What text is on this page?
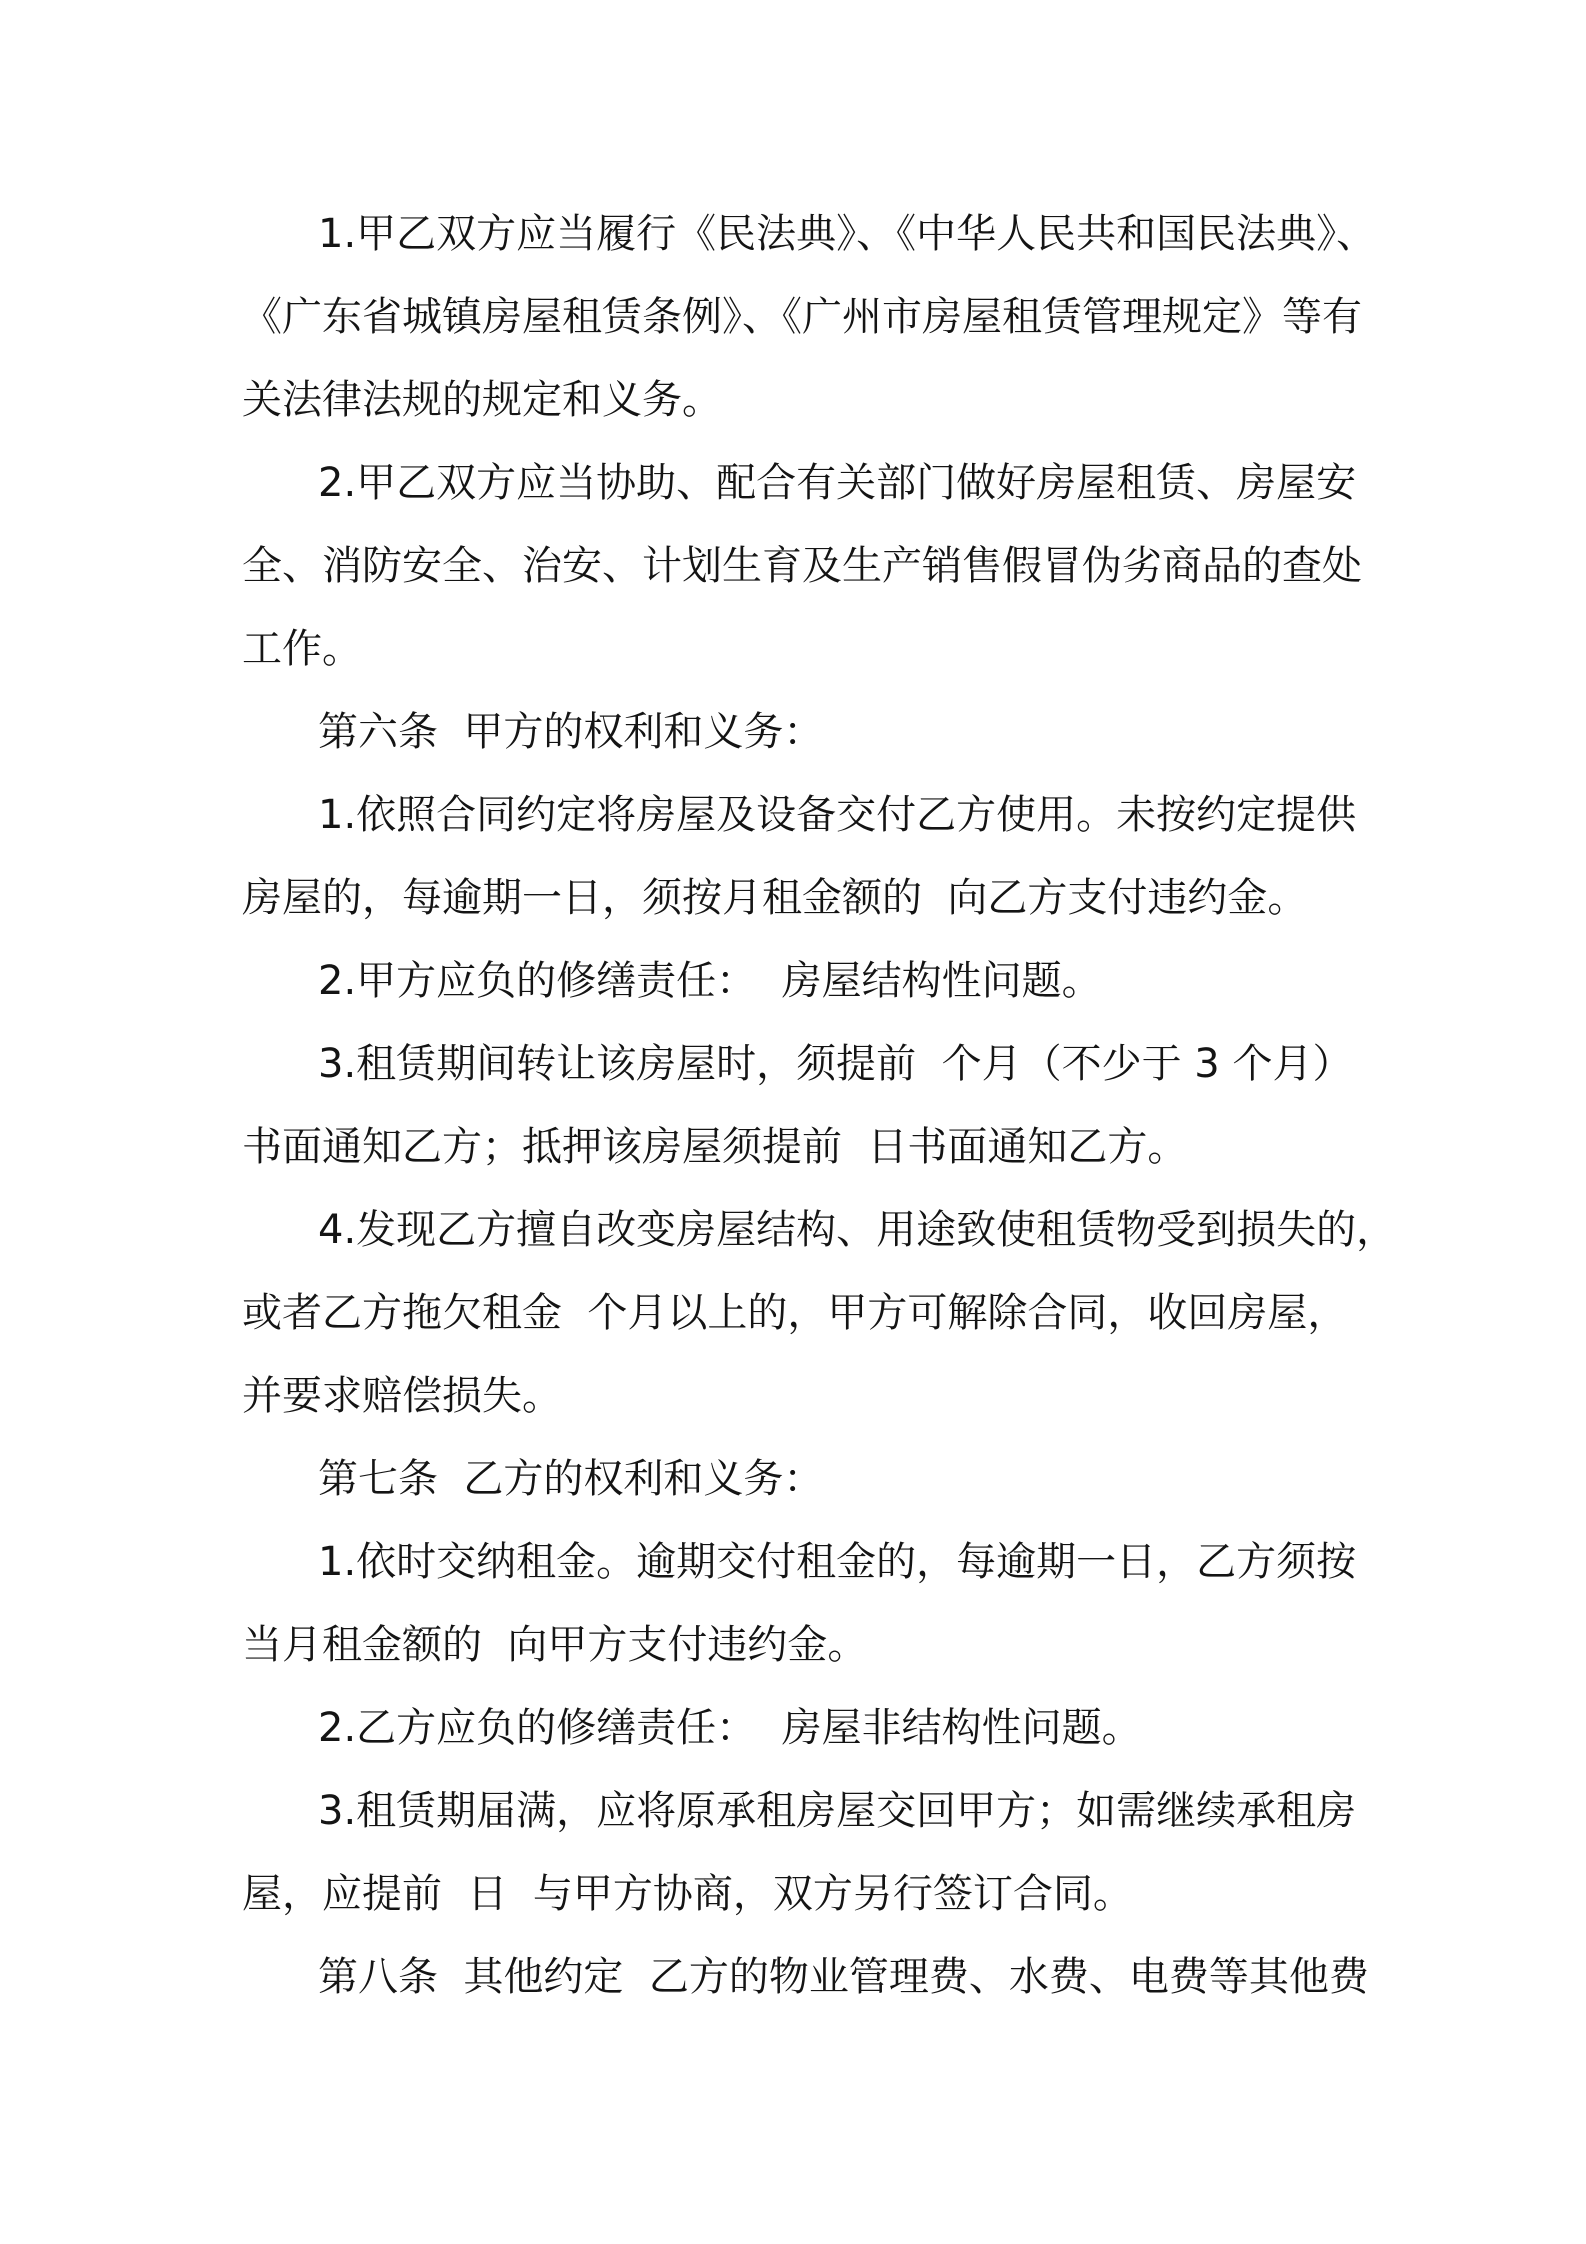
1.甲乙双方应当履行《民法典》、《中华人民共和国民法典》、
《广东省城镇房屋租赁条例》、《广州市房屋租赁管理规定》等有
关法律法规的规定和义务。
2.甲乙双方应当协助、配合有关部门做好房屋租赁、房屋安
全、消防安全、治安、计划生育及生产销售假冒伪劣商品的查处
工作。
第六条  甲方的权利和义务：
1.依照合同约定将房屋及设备交付乙方使用。未按约定提供
房屋的，每逾期一日，须按月租金额的  向乙方支付违约金。
2.甲方应负的修缮责任：  房屋结构性问题。
3.租赁期间转让该房屋时，须提前  个月（不少于 3 个月）
书面通知乙方；抵押该房屋须提前  日书面通知乙方。
4.发现乙方擅自改变房屋结构、用途致使租赁物受到损失的，
或者乙方拖欠租金  个月以上的，甲方可解除合同，收回房屋，
并要求赔偿损失。
第七条  乙方的权利和义务：
1.依时交纳租金。逾期交付租金的，每逾期一日，乙方须按
当月租金额的  向甲方支付违约金。
2.乙方应负的修缮责任：  房屋非结构性问题。
3.租赁期届满，应将原承租房屋交回甲方；如需继续承租房
屋，应提前  日  与甲方协商，双方另行签订合同。
第八条  其他约定  乙方的物业管理费、水费、电费等其他费
